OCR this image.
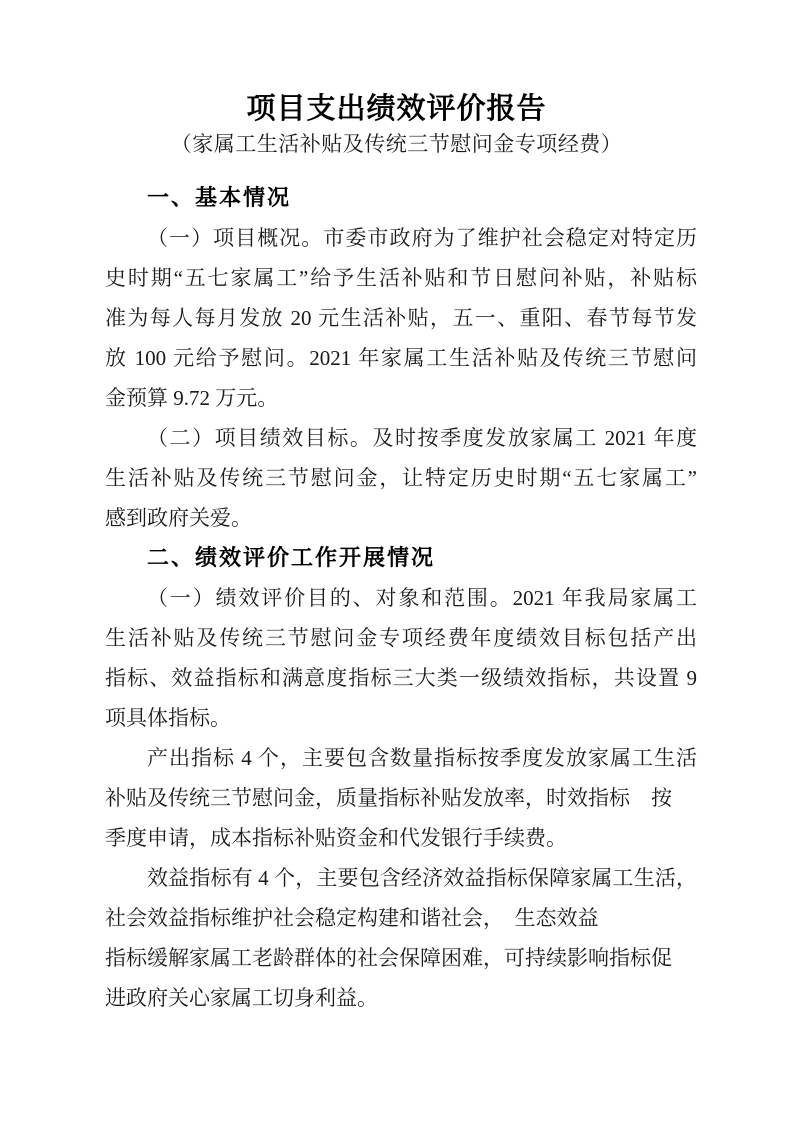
项目支出绩效评价报告
（家属工生活补贴及传统三节慰问金专项经费）
一、基本情况
（一）项目概况。市委市政府为了维护社会稳定对特定历
史时期“五七家属工”给予生活补贴和节日慰问补贴，补贴标
准为每人每月发放 20 元生活补贴，五一、重阳、春节每节发
放 100 元给予慰问。2021 年家属工生活补贴及传统三节慰问
金预算 9.72 万元。
（二）项目绩效目标。及时按季度发放家属工 2021 年度
生活补贴及传统三节慰问金，让特定历史时期“五七家属工”
感到政府关爱。
二、绩效评价工作开展情况
（一）绩效评价目的、对象和范围。2021 年我局家属工
生活补贴及传统三节慰问金专项经费年度绩效目标包括产出
指标、效益指标和满意度指标三大类一级绩效指标，共设置 9
项具体指标。
产出指标 4 个，主要包含数量指标按季度发放家属工生活
补贴及传统三节慰问金，质量指标补贴发放率，时效指标　按
季度申请，成本指标补贴资金和代发银行手续费。
效益指标有 4 个，主要包含经济效益指标保障家属工生活，
社会效益指标维护社会稳定构建和谐社会，　生态效益
指标缓解家属工老龄群体的社会保障困难，可持续影响指标促
进政府关心家属工切身利益。
